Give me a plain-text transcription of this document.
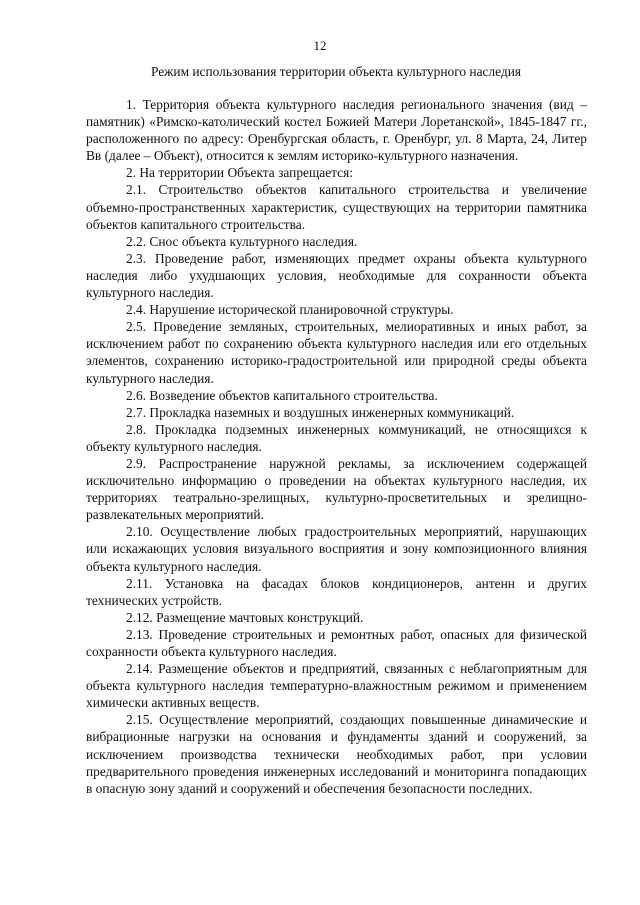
12
Режим использования территории объекта культурного наследия

1. Территория объекта культурного наследия регионального значения (вид – памятник) «Римско-католический костел Божией Матери Лоретанской», 1845-1847 гг., расположенного по адресу: Оренбургская область, г. Оренбург, ул. 8 Марта, 24, Литер Вв (далее – Объект), относится к землям историко-культурного назначения.

2. На территории Объекта запрещается:

2.1. Строительство объектов капитального строительства и увеличение объемно-пространственных характеристик, существующих на территории памятника объектов капитального строительства.

2.2. Снос объекта культурного наследия.

2.3. Проведение работ, изменяющих предмет охраны объекта культурного наследия либо ухудшающих условия, необходимые для сохранности объекта культурного наследия.

2.4. Нарушение исторической планировочной структуры.

2.5. Проведение земляных, строительных, мелиоративных и иных работ, за исключением работ по сохранению объекта культурного наследия или его отдельных элементов, сохранению историко-градостроительной или природной среды объекта культурного наследия.

2.6. Возведение объектов капитального строительства.

2.7. Прокладка наземных и воздушных инженерных коммуникаций.

2.8. Прокладка подземных инженерных коммуникаций, не относящихся к объекту культурного наследия.

2.9. Распространение наружной рекламы, за исключением содержащей исключительно информацию о проведении на объектах культурного наследия, их территориях театрально-зрелищных, культурно-просветительных и зрелищно-развлекательных мероприятий.

2.10. Осуществление любых градостроительных мероприятий, нарушающих или искажающих условия визуального восприятия и зону композиционного влияния объекта культурного наследия.

2.11. Установка на фасадах блоков кондиционеров, антенн и других технических устройств.

2.12. Размещение мачтовых конструкций.

2.13. Проведение строительных и ремонтных работ, опасных для физической сохранности объекта культурного наследия.

2.14. Размещение объектов и предприятий, связанных с неблагоприятным для объекта культурного наследия температурно-влажностным режимом и применением химически активных веществ.

2.15. Осуществление мероприятий, создающих повышенные динамические и вибрационные нагрузки на основания и фундаменты зданий и сооружений, за исключением производства технически необходимых работ, при условии предварительного проведения инженерных исследований и мониторинга попадающих в опасную зону зданий и сооружений и обеспечения безопасности последних.
